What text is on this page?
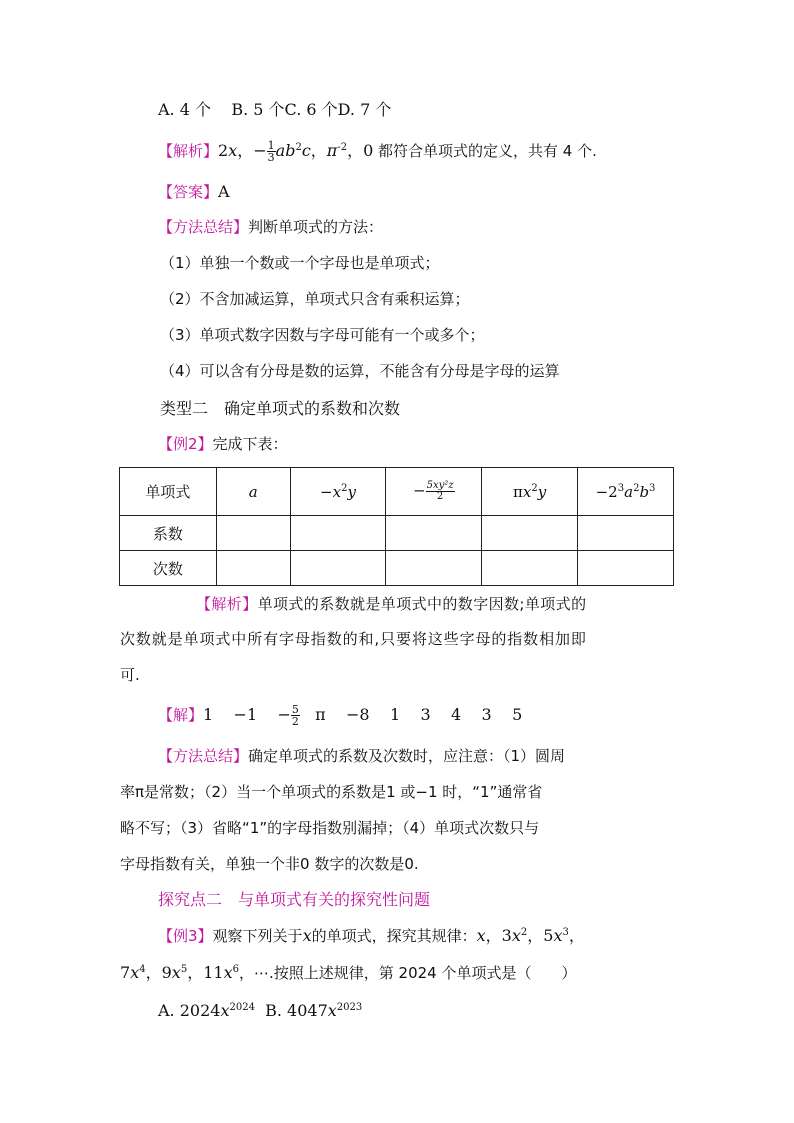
A. 4 个 B. 5 个C. 6 个D. 7 个
【解析】2x，− $\frac{1}{3} ab^2c$，$\pi^{-2}$，0 都符合单项式的定义，共有 4 个.
【答案】A
【方法总结】判断单项式的方法：
（1）单独一个数或一个字母也是单项式；
（2）不含加减运算，单项式只含有乘积运算；
（3）单项式数字因数与字母可能有一个或多个；
（4）可以含有分母是数的运算，不能含有分母是字母的运算
类型二　确定单项式的系数和次数
【例2】完成下表：
单项式	a	$-x^2y$	− $\frac{\text{5xy²z}}{2}$	$\pi x^2y$	$-2^3a^2b^3$
系数					
次数					
【解析】单项式的系数就是单项式中的数字因数;单项式的
次数就是单项式中所有字母指数的和,只要将这些字母的指数相加即
可.
【解】$1 -1 - \frac{5}{2}$ π −8 1 3 4 3 5
【方法总结】确定单项式的系数及次数时，应注意：（1）圆周
率π是常数；（2）当一个单项式的系数是1 或−1 时，“1”通常省
略不写；（3）省略“1”的字母指数别漏掉；（4）单项式次数只与
字母指数有关，单独一个非0 数字的次数是0.
探究点二　与单项式有关的探究性问题
【例3】观察下列关于x的单项式，探究其规律：x，$3x^2$，$5x^3$，
$7x^4$，$9x^5$，$11x^6$，⋯.按照上述规律，第 2024 个单项式是（　　）
A. $2024x^{2024}$ B. $4047x^{2023}$
